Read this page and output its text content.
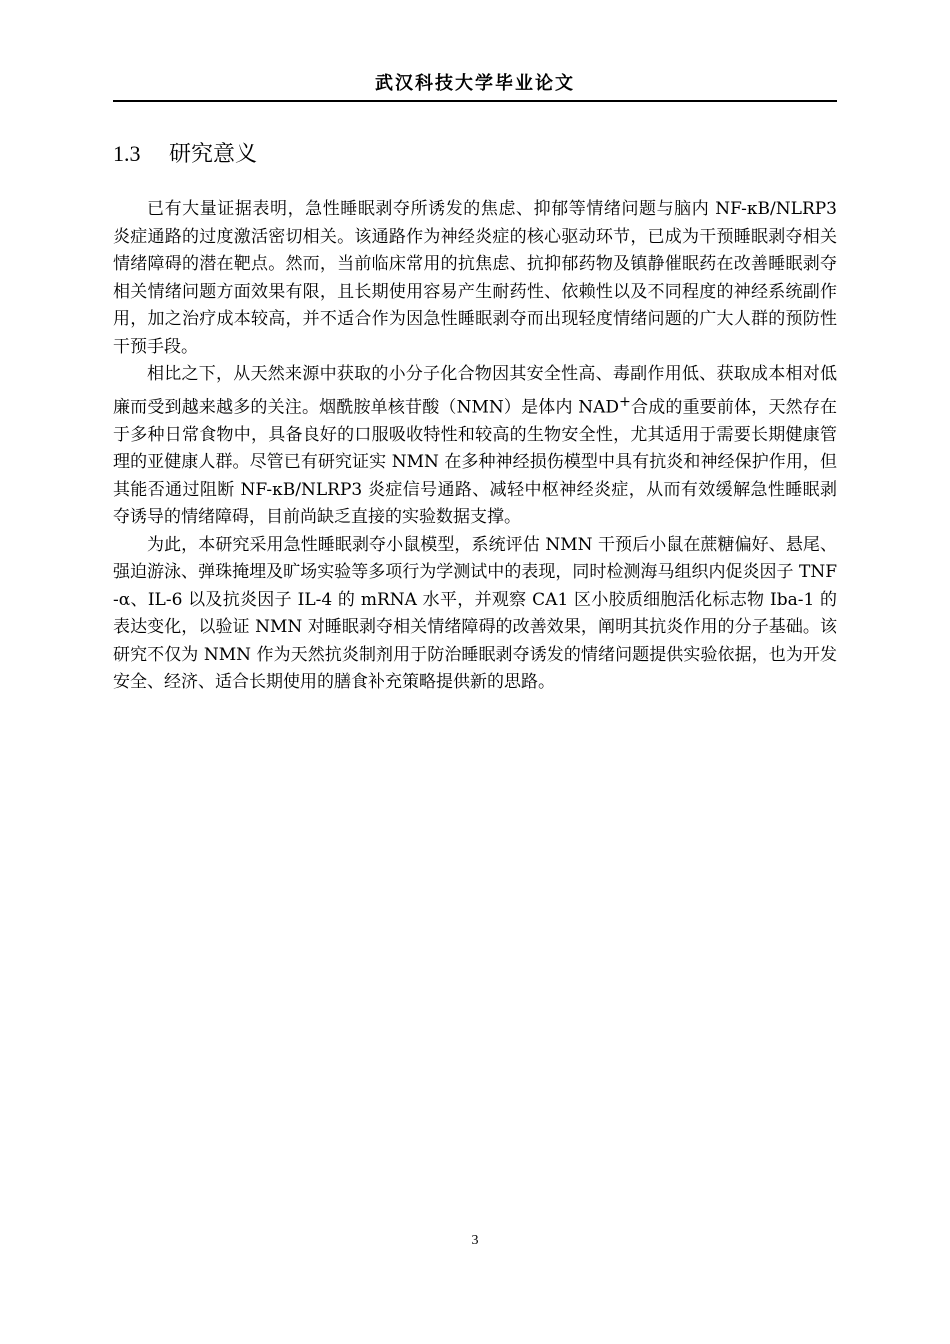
武汉科技大学毕业论文
1.3 研究意义

已有大量证据表明，急性睡眠剥夺所诱发的焦虑、抑郁等情绪问题与脑内 NF-κB/NLRP3 炎症通路的过度激活密切相关。该通路作为神经炎症的核心驱动环节，已成为干预睡眠剥夺相关情绪障碍的潜在靶点。然而，当前临床常用的抗焦虑、抗抑郁药物及镇静催眠药在改善睡眠剥夺相关情绪问题方面效果有限，且长期使用容易产生耐药性、依赖性以及不同程度的神经系统副作用，加之治疗成本较高，并不适合作为因急性睡眠剥夺而出现轻度情绪问题的广大人群的预防性干预手段。

相比之下，从天然来源中获取的小分子化合物因其安全性高、毒副作用低、获取成本相对低廉而受到越来越多的关注。烟酰胺单核苷酸（NMN）是体内 NAD+合成的重要前体，天然存在于多种日常食物中，具备良好的口服吸收特性和较高的生物安全性，尤其适用于需要长期健康管理的亚健康人群。尽管已有研究证实 NMN 在多种神经损伤模型中具有抗炎和神经保护作用，但其能否通过阻断 NF-κB/NLRP3 炎症信号通路、减轻中枢神经炎症，从而有效缓解急性睡眠剥夺诱导的情绪障碍，目前尚缺乏直接的实验数据支撑。

为此，本研究采用急性睡眠剥夺小鼠模型，系统评估 NMN 干预后小鼠在蔗糖偏好、悬尾、强迫游泳、弹珠掩埋及旷场实验等多项行为学测试中的表现，同时检测海马组织内促炎因子 TNF-α、IL-6 以及抗炎因子 IL-4 的 mRNA 水平，并观察 CA1 区小胶质细胞活化标志物 Iba-1 的表达变化，以验证 NMN 对睡眠剥夺相关情绪障碍的改善效果，阐明其抗炎作用的分子基础。该研究不仅为 NMN 作为天然抗炎制剂用于防治睡眠剥夺诱发的情绪问题提供实验依据，也为开发安全、经济、适合长期使用的膳食补充策略提供新的思路。

3
